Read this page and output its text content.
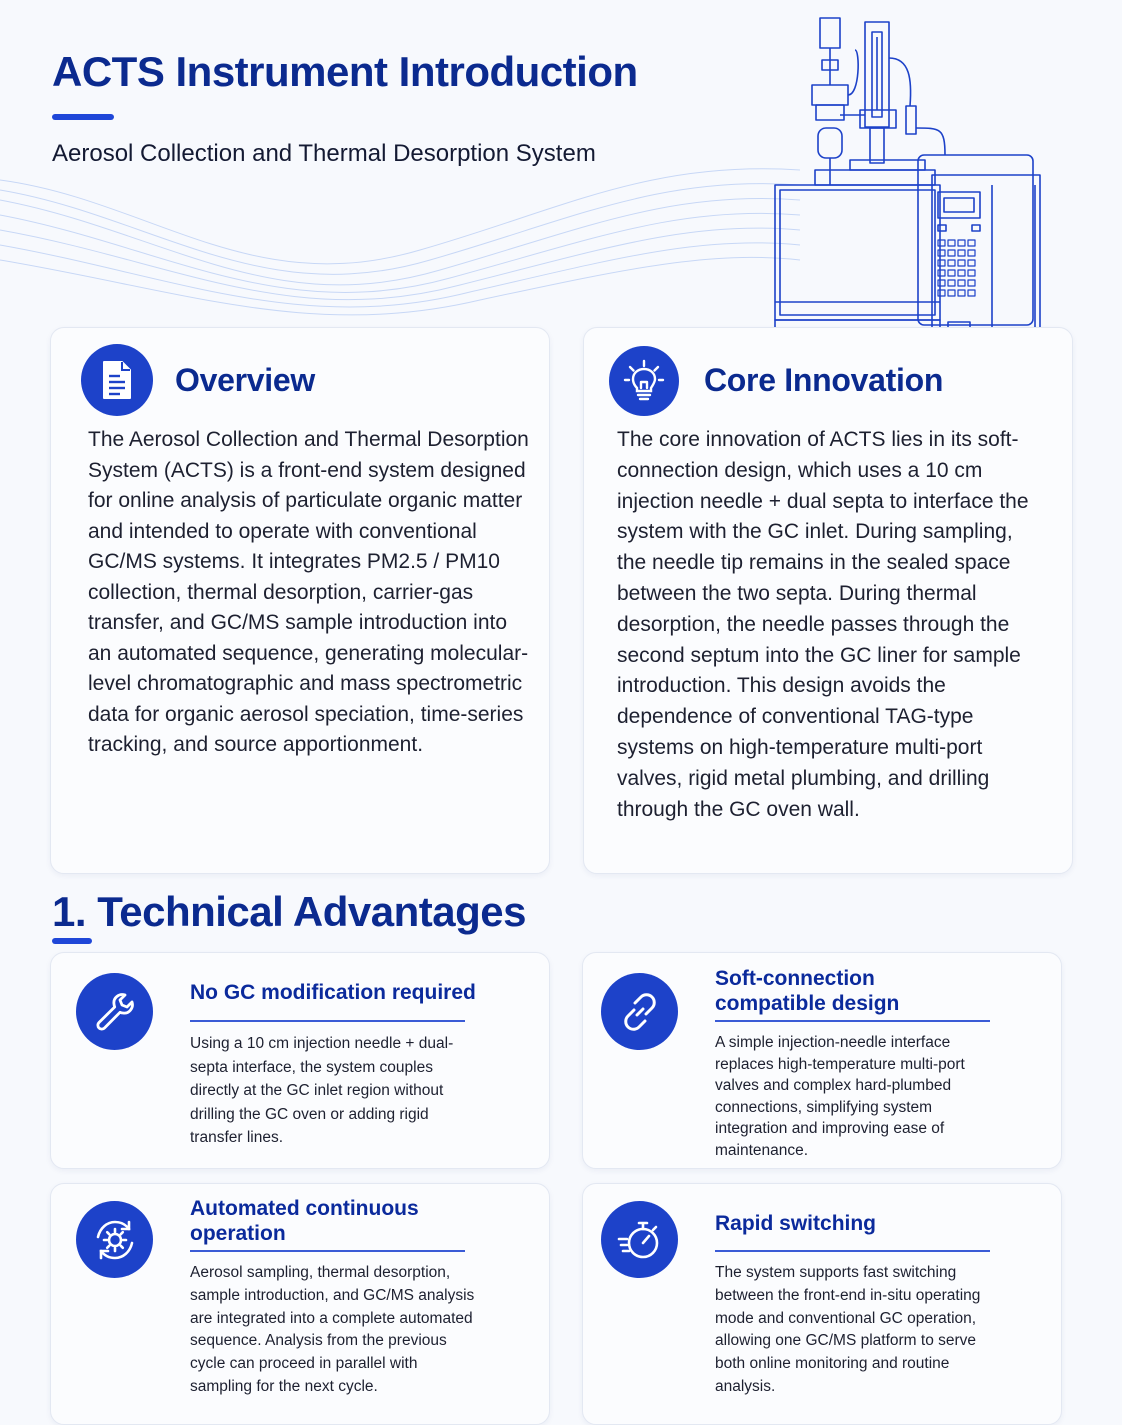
ACTS Instrument Introduction
Aerosol Collection and Thermal Desorption System
Overview
The Aerosol Collection and Thermal Desorption System (ACTS) is a front-end system designed for online analysis of particulate organic matter and intended to operate with conventional GC/MS systems. It integrates PM2.5 / PM10 collection, thermal desorption, carrier-gas transfer, and GC/MS sample introduction into an automated sequence, generating molecular-level chromatographic and mass spectrometric data for organic aerosol speciation, time-series tracking, and source apportionment.
Core Innovation
The core innovation of ACTS lies in its soft-connection design, which uses a 10 cm injection needle + dual septa to interface the system with the GC inlet. During sampling, the needle tip remains in the sealed space between the two septa. During thermal desorption, the needle passes through the second septum into the GC liner for sample introduction. This design avoids the dependence of conventional TAG-type systems on high-temperature multi-port valves, rigid metal plumbing, and drilling through the GC oven wall.
1. Technical Advantages
No GC modification required
Using a 10 cm injection needle + dual-septa interface, the system couples directly at the GC inlet region without drilling the GC oven or adding rigid transfer lines.
Soft-connection compatible design
A simple injection-needle interface replaces high-temperature multi-port valves and complex hard-plumbed connections, simplifying system integration and improving ease of maintenance.
Automated continuous operation
Aerosol sampling, thermal desorption, sample introduction, and GC/MS analysis are integrated into a complete automated sequence. Analysis from the previous cycle can proceed in parallel with sampling for the next cycle.
Rapid switching
The system supports fast switching between the front-end in-situ operating mode and conventional GC operation, allowing one GC/MS platform to serve both online monitoring and routine analysis.
